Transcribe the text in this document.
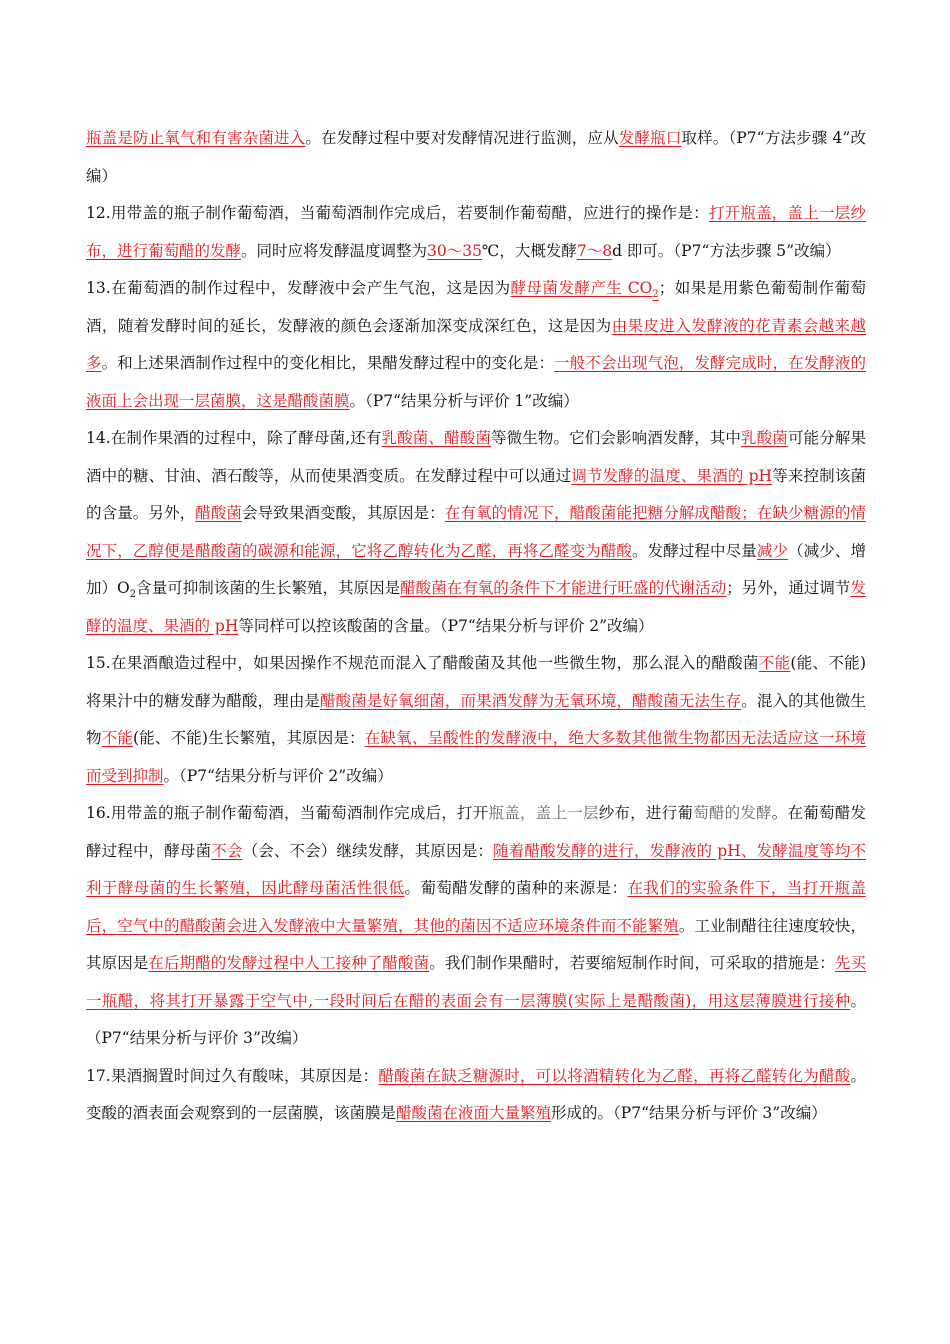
瓶盖是防止氧气和有害杂菌进入。在发酵过程中要对发酵情况进行监测，应从发酵瓶口取样。（P7“方法步骤 4”改编）

12.用带盖的瓶子制作葡萄酒，当葡萄酒制作完成后，若要制作葡萄醋，应进行的操作是：打开瓶盖，盖上一层纱布，进行葡萄醋的发酵。同时应将发酵温度调整为30～35℃，大概发酵7～8d 即可。（P7“方法步骤 5”改编）

13.在葡萄酒的制作过程中，发酵液中会产生气泡，这是因为酵母菌发酵产生 $CO_2$；如果是用紫色葡萄制作葡萄酒，随着发酵时间的延长，发酵液的颜色会逐渐加深变成深红色，这是因为由果皮进入发酵液的花青素会越来越多。和上述果酒制作过程中的变化相比，果醋发酵过程中的变化是：一般不会出现气泡，发酵完成时，在发酵液的液面上会出现一层菌膜，这是醋酸菌膜。（P7“结果分析与评价 1”改编）

14.在制作果酒的过程中，除了酵母菌,还有乳酸菌、醋酸菌等微生物。它们会影响酒发酵，其中乳酸菌可能分解果酒中的糖、甘油、酒石酸等，从而使果酒变质。在发酵过程中可以通过调节发酵的温度、果酒的 pH等来控制该菌的含量。另外，醋酸菌会导致果酒变酸，其原因是：在有氧的情况下，醋酸菌能把糖分解成醋酸；在缺少糖源的情况下，乙醇便是醋酸菌的碳源和能源，它将乙醇转化为乙醛，再将乙醛变为醋酸。发酵过程中尽量减少（减少、增加）$O_2$含量可抑制该菌的生长繁殖，其原因是醋酸菌在有氧的条件下才能进行旺盛的代谢活动；另外，通过调节发酵的温度、果酒的 pH等同样可以控该酸菌的含量。（P7“结果分析与评价 2”改编）

15.在果酒酿造过程中，如果因操作不规范而混入了醋酸菌及其他一些微生物，那么混入的醋酸菌不能(能、不能)将果汁中的糖发酵为醋酸，理由是醋酸菌是好氧细菌，而果酒发酵为无氧环境，醋酸菌无法生存。混入的其他微生物不能(能、不能)生长繁殖，其原因是：在缺氧、呈酸性的发酵液中，绝大多数其他微生物都因无法适应这一环境而受到抑制。（P7“结果分析与评价 2”改编）

16.用带盖的瓶子制作葡萄酒，当葡萄酒制作完成后，打开瓶盖，盖上一层纱布，进行葡萄醋的发酵。在葡萄醋发酵过程中，酵母菌不会（会、不会）继续发酵，其原因是：随着醋酸发酵的进行，发酵液的 pH、发酵温度等均不利于酵母菌的生长繁殖，因此酵母菌活性很低。葡萄醋发酵的菌种的来源是：在我们的实验条件下，当打开瓶盖后，空气中的醋酸菌会进入发酵液中大量繁殖，其他的菌因不适应环境条件而不能繁殖。工业制醋往往速度较快，其原因是在后期醋的发酵过程中人工接种了醋酸菌。我们制作果醋时，若要缩短制作时间，可采取的措施是：先买一瓶醋，将其打开暴露于空气中,一段时间后在醋的表面会有一层薄膜(实际上是醋酸菌)，用这层薄膜进行接种。（P7“结果分析与评价 3”改编）

17.果酒搁置时间过久有酸味，其原因是：醋酸菌在缺乏糖源时，可以将酒精转化为乙醛，再将乙醛转化为醋酸。变酸的酒表面会观察到的一层菌膜，该菌膜是醋酸菌在液面大量繁殖形成的。（P7“结果分析与评价 3”改编）
